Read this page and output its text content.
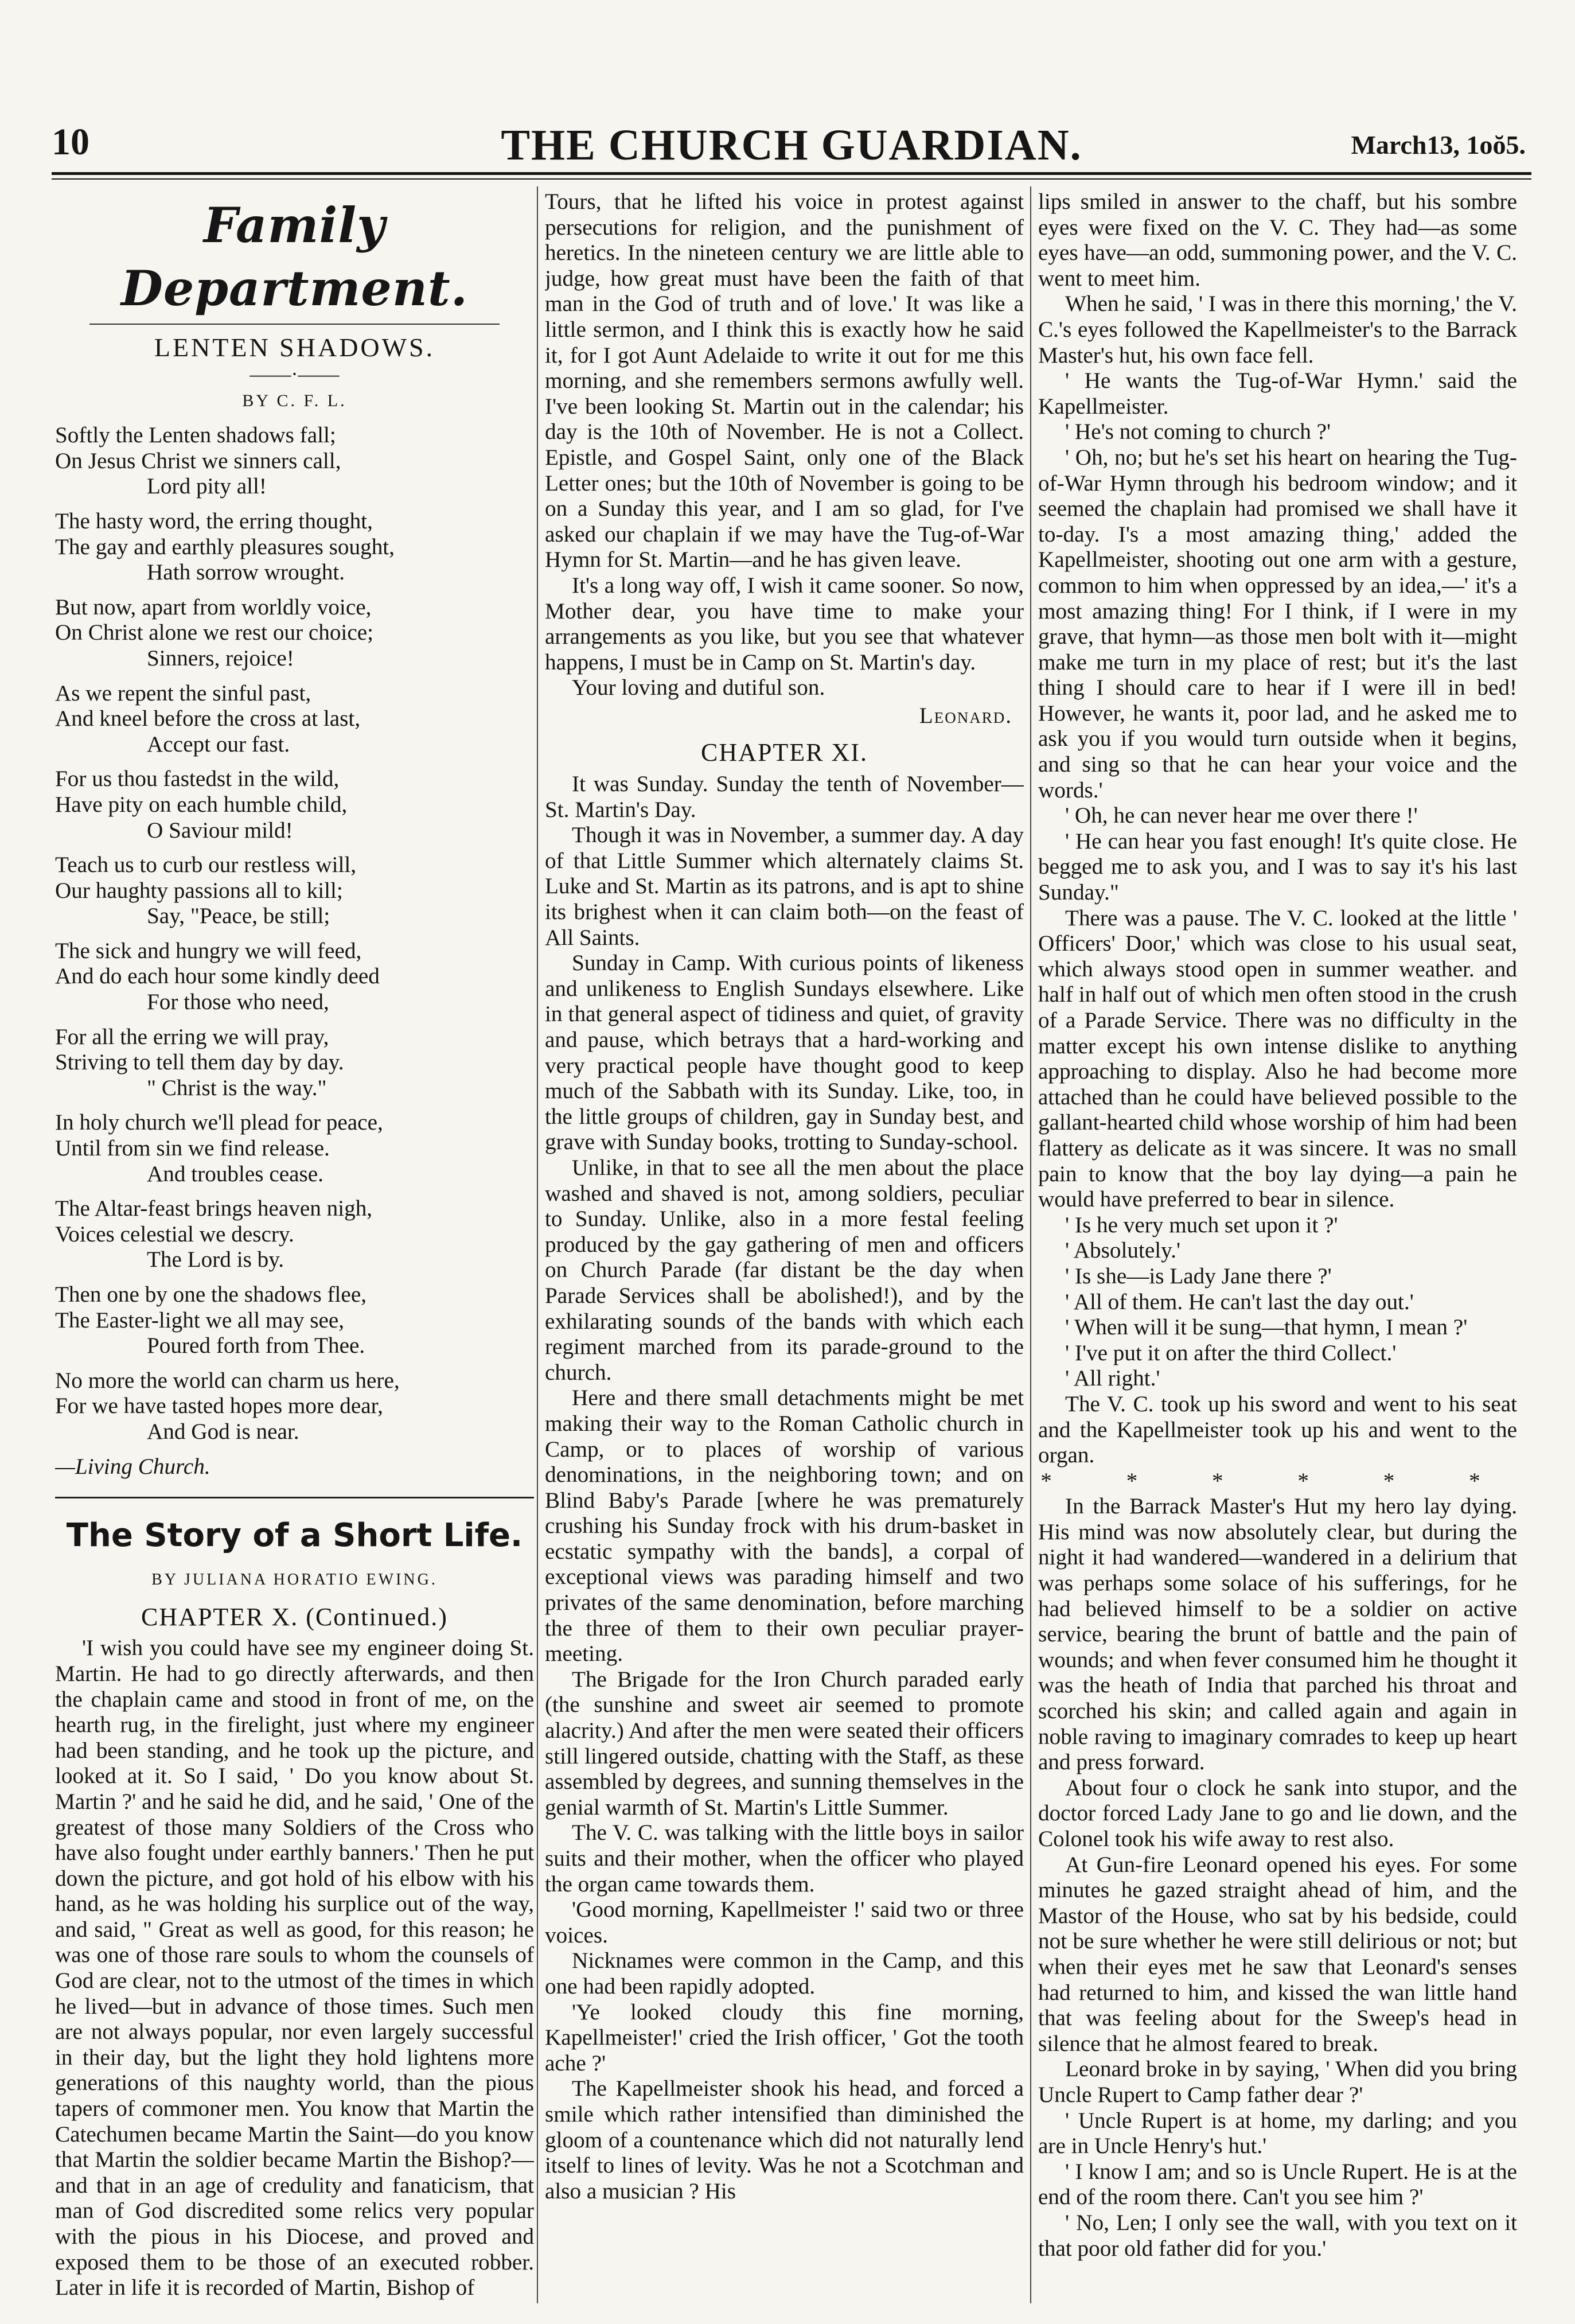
THE CHURCH GUARDIAN.
10	March13, 1oŏ5.
Family Department.
LENTEN SHADOWS.
——·——
BY C. F. L.

Softly the Lenten shadows fall;

On Jesus Christ we sinners call,

Lord pity all!

The hasty word, the erring thought,

The gay and earthly pleasures sought,

Hath sorrow wrought.

But now, apart from worldly voice,

On Christ alone we rest our choice;

Sinners, rejoice!

As we repent the sinful past,

And kneel before the cross at last,

Accept our fast.

For us thou fastedst in the wild,

Have pity on each humble child,

O Saviour mild!

Teach us to curb our restless will,

Our haughty passions all to kill;

Say, "Peace, be still;

The sick and hungry we will feed,

And do each hour some kindly deed

For those who need,

For all the erring we will pray,

Striving to tell them day by day.

" Christ is the way."

In holy church we'll plead for peace,

Until from sin we find release.

And troubles cease.

The Altar-feast brings heaven nigh,

Voices celestial we descry.

The Lord is by.

Then one by one the shadows flee,

The Easter-light we all may see,

Poured forth from Thee.

No more the world can charm us here,

For we have tasted hopes more dear,

And God is near.

—Living Church.
The Story of a Short Life.
BY JULIANA HORATIO EWING.
CHAPTER X. (Continued.)

'I wish you could have see my engineer doing St. Martin. He had to go directly afterwards, and then the chaplain came and stood in front of me, on the hearth rug, in the firelight, just where my engineer had been standing, and he took up the picture, and looked at it. So I said, ' Do you know about St. Martin ?' and he said he did, and he said, ' One of the greatest of those many Soldiers of the Cross who have also fought under earthly banners.' Then he put down the picture, and got hold of his elbow with his hand, as he was holding his surplice out of the way, and said, " Great as well as good, for this reason; he was one of those rare souls to whom the counsels of God are clear, not to the utmost of the times in which he lived—but in advance of those times. Such men are not always popular, nor even largely successful in their day, but the light they hold lightens more generations of this naughty world, than the pious tapers of commoner men. You know that Martin the Catechumen became Martin the Saint—do you know that Martin the soldier became Martin the Bishop?—and that in an age of credulity and fanaticism, that man of God discredited some relics very popular with the pious in his Diocese, and proved and exposed them to be those of an executed robber. Later in life it is recorded of Martin, Bishop of

Tours, that he lifted his voice in protest against persecutions for religion, and the punishment of heretics. In the nineteen century we are little able to judge, how great must have been the faith of that man in the God of truth and of love.' It was like a little sermon, and I think this is exactly how he said it, for I got Aunt Adelaide to write it out for me this morning, and she remembers sermons awfully well. I've been looking St. Martin out in the calendar; his day is the 10th of November. He is not a Collect. Epistle, and Gospel Saint, only one of the Black Letter ones; but the 10th of November is going to be on a Sunday this year, and I am so glad, for I've asked our chaplain if we may have the Tug-of-War Hymn for St. Martin—and he has given leave.

It's a long way off, I wish it came sooner. So now, Mother dear, you have time to make your arrangements as you like, but you see that whatever happens, I must be in Camp on St. Martin's day.

Your loving and dutiful son.

Leonard.
CHAPTER XI.

It was Sunday. Sunday the tenth of November—St. Martin's Day.

Though it was in November, a summer day. A day of that Little Summer which alternately claims St. Luke and St. Martin as its patrons, and is apt to shine its brighest when it can claim both—on the feast of All Saints.

Sunday in Camp. With curious points of likeness and unlikeness to English Sundays elsewhere. Like in that general aspect of tidiness and quiet, of gravity and pause, which betrays that a hard-working and very practical people have thought good to keep much of the Sabbath with its Sunday. Like, too, in the little groups of children, gay in Sunday best, and grave with Sunday books, trotting to Sunday-school.

Unlike, in that to see all the men about the place washed and shaved is not, among soldiers, peculiar to Sunday. Unlike, also in a more festal feeling produced by the gay gathering of men and officers on Church Parade (far distant be the day when Parade Services shall be abolished!), and by the exhilarating sounds of the bands with which each regiment marched from its parade-ground to the church.

Here and there small detachments might be met making their way to the Roman Catholic church in Camp, or to places of worship of various denominations, in the neighboring town; and on Blind Baby's Parade [where he was prematurely crushing his Sunday frock with his drum-basket in ecstatic sympathy with the bands], a corpal of exceptional views was parading himself and two privates of the same denomination, before marching the three of them to their own peculiar prayer-meeting.

The Brigade for the Iron Church paraded early (the sunshine and sweet air seemed to promote alacrity.) And after the men were seated their officers still lingered outside, chatting with the Staff, as these assembled by degrees, and sunning themselves in the genial warmth of St. Martin's Little Summer.

The V. C. was talking with the little boys in sailor suits and their mother, when the officer who played the organ came towards them.

'Good morning, Kapellmeister !' said two or three voices.

Nicknames were common in the Camp, and this one had been rapidly adopted.

'Ye looked cloudy this fine morning, Kapellmeister!' cried the Irish officer, ' Got the tooth ache ?'

The Kapellmeister shook his head, and forced a smile which rather intensified than diminished the gloom of a countenance which did not naturally lend itself to lines of levity. Was he not a Scotchman and also a musician ? His

lips smiled in answer to the chaff, but his sombre eyes were fixed on the V. C. They had—as some eyes have—an odd, summoning power, and the V. C. went to meet him.

When he said, ' I was in there this morning,' the V. C.'s eyes followed the Kapellmeister's to the Barrack Master's hut, his own face fell.

' He wants the Tug-of-War Hymn.' said the Kapellmeister.

' He's not coming to church ?'

' Oh, no; but he's set his heart on hearing the Tug-of-War Hymn through his bedroom window; and it seemed the chaplain had promised we shall have it to-day. I's a most amazing thing,' added the Kapellmeister, shooting out one arm with a gesture, common to him when oppressed by an idea,—' it's a most amazing thing! For I think, if I were in my grave, that hymn—as those men bolt with it—might make me turn in my place of rest; but it's the last thing I should care to hear if I were ill in bed! However, he wants it, poor lad, and he asked me to ask you if you would turn outside when it begins, and sing so that he can hear your voice and the words.'

' Oh, he can never hear me over there !'

' He can hear you fast enough! It's quite close. He begged me to ask you, and I was to say it's his last Sunday."

There was a pause. The V. C. looked at the little ' Officers' Door,' which was close to his usual seat, which always stood open in summer weather. and half in half out of which men often stood in the crush of a Parade Service. There was no difficulty in the matter except his own intense dislike to anything approaching to display. Also he had become more attached than he could have believed possible to the gallant-hearted child whose worship of him had been flattery as delicate as it was sincere. It was no small pain to know that the boy lay dying—a pain he would have preferred to bear in silence.

' Is he very much set upon it ?'

' Absolutely.'

' Is she—is Lady Jane there ?'

' All of them. He can't last the day out.'

' When will it be sung—that hymn, I mean ?'

' I've put it on after the third Collect.'

' All right.'

The V. C. took up his sword and went to his seat and the Kapellmeister took up his and went to the organ.

* * * * * *

In the Barrack Master's Hut my hero lay dying. His mind was now absolutely clear, but during the night it had wandered—wandered in a delirium that was perhaps some solace of his sufferings, for he had believed himself to be a soldier on active service, bearing the brunt of battle and the pain of wounds; and when fever consumed him he thought it was the heath of India that parched his throat and scorched his skin; and called again and again in noble raving to imaginary comrades to keep up heart and press forward.

About four o clock he sank into stupor, and the doctor forced Lady Jane to go and lie down, and the Colonel took his wife away to rest also.

At Gun-fire Leonard opened his eyes. For some minutes he gazed straight ahead of him, and the Mastor of the House, who sat by his bedside, could not be sure whether he were still delirious or not; but when their eyes met he saw that Leonard's senses had returned to him, and kissed the wan little hand that was feeling about for the Sweep's head in silence that he almost feared to break.

Leonard broke in by saying, ' When did you bring Uncle Rupert to Camp father dear ?'

' Uncle Rupert is at home, my darling; and you are in Uncle Henry's hut.'

' I know I am; and so is Uncle Rupert. He is at the end of the room there. Can't you see him ?'

' No, Len; I only see the wall, with you text on it that poor old father did for you.'
